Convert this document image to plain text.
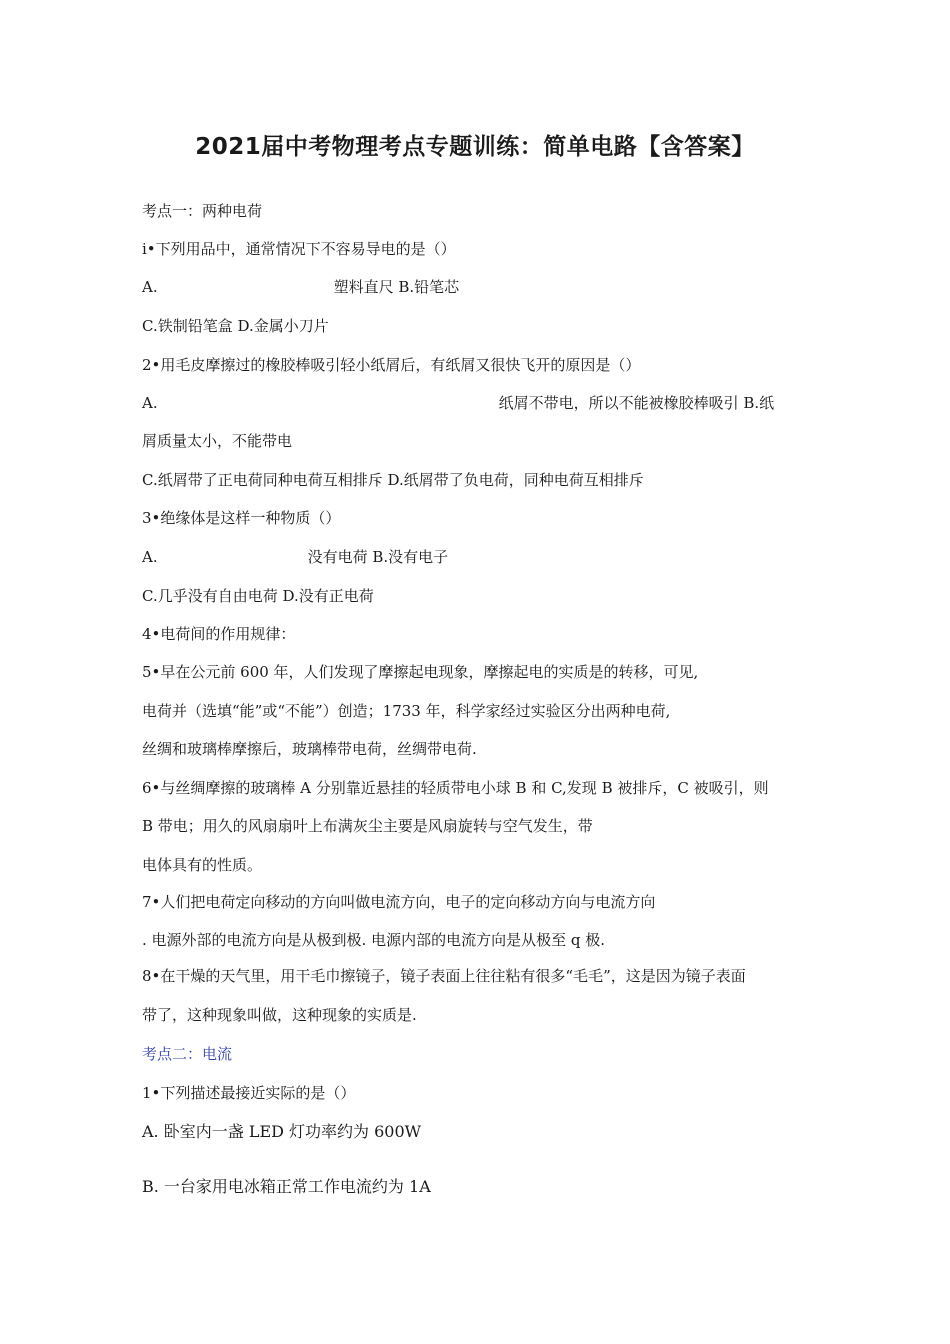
2021届中考物理考点专题训练：简单电路【含答案】
考点一：两种电荷
i•下列用品中，通常情况下不容易导电的是（）
A.	塑料直尺 B.铅笔芯
C.铁制铅笔盒 D.金属小刀片
2•用毛皮摩擦过的橡胶棒吸引轻小纸屑后，有纸屑又很快飞开的原因是（）
A.	纸屑不带电，所以不能被橡胶棒吸引 B.纸
屑质量太小，不能带电
C.纸屑带了正电荷同种电荷互相排斥 D.纸屑带了负电荷，同种电荷互相排斥
3•绝缘体是这样一种物质（）
A.	没有电荷 B.没有电子
C.几乎没有自由电荷 D.没有正电荷
4•电荷间的作用规律：
5•早在公元前 600 年，人们发现了摩擦起电现象，摩擦起电的实质是的转移，可见,
电荷并（选填“能”或“不能”）创造；1733 年，科学家经过实验区分出两种电荷,
丝绸和玻璃棒摩擦后，玻璃棒带电荷，丝绸带电荷.
6•与丝绸摩擦的玻璃棒 A 分别靠近悬挂的轻质带电小球 B 和 C,发现 B 被排斥，C 被吸引，则
B 带电；用久的风扇扇叶上布满灰尘主要是风扇旋转与空气发生，带
电体具有的性质。
7•人们把电荷定向移动的方向叫做电流方向，电子的定向移动方向与电流方向
. 电源外部的电流方向是从极到极. 电源内部的电流方向是从极至 q 极.
8•在干燥的天气里，用干毛巾擦镜子，镜子表面上往往粘有很多“毛毛”，这是因为镜子表面
带了，这种现象叫做，这种现象的实质是.
考点二：电流
1•下列描述最接近实际的是（）
A. 卧室内一盏 LED 灯功率约为 600W
B. 一台家用电冰箱正常工作电流约为 1A
